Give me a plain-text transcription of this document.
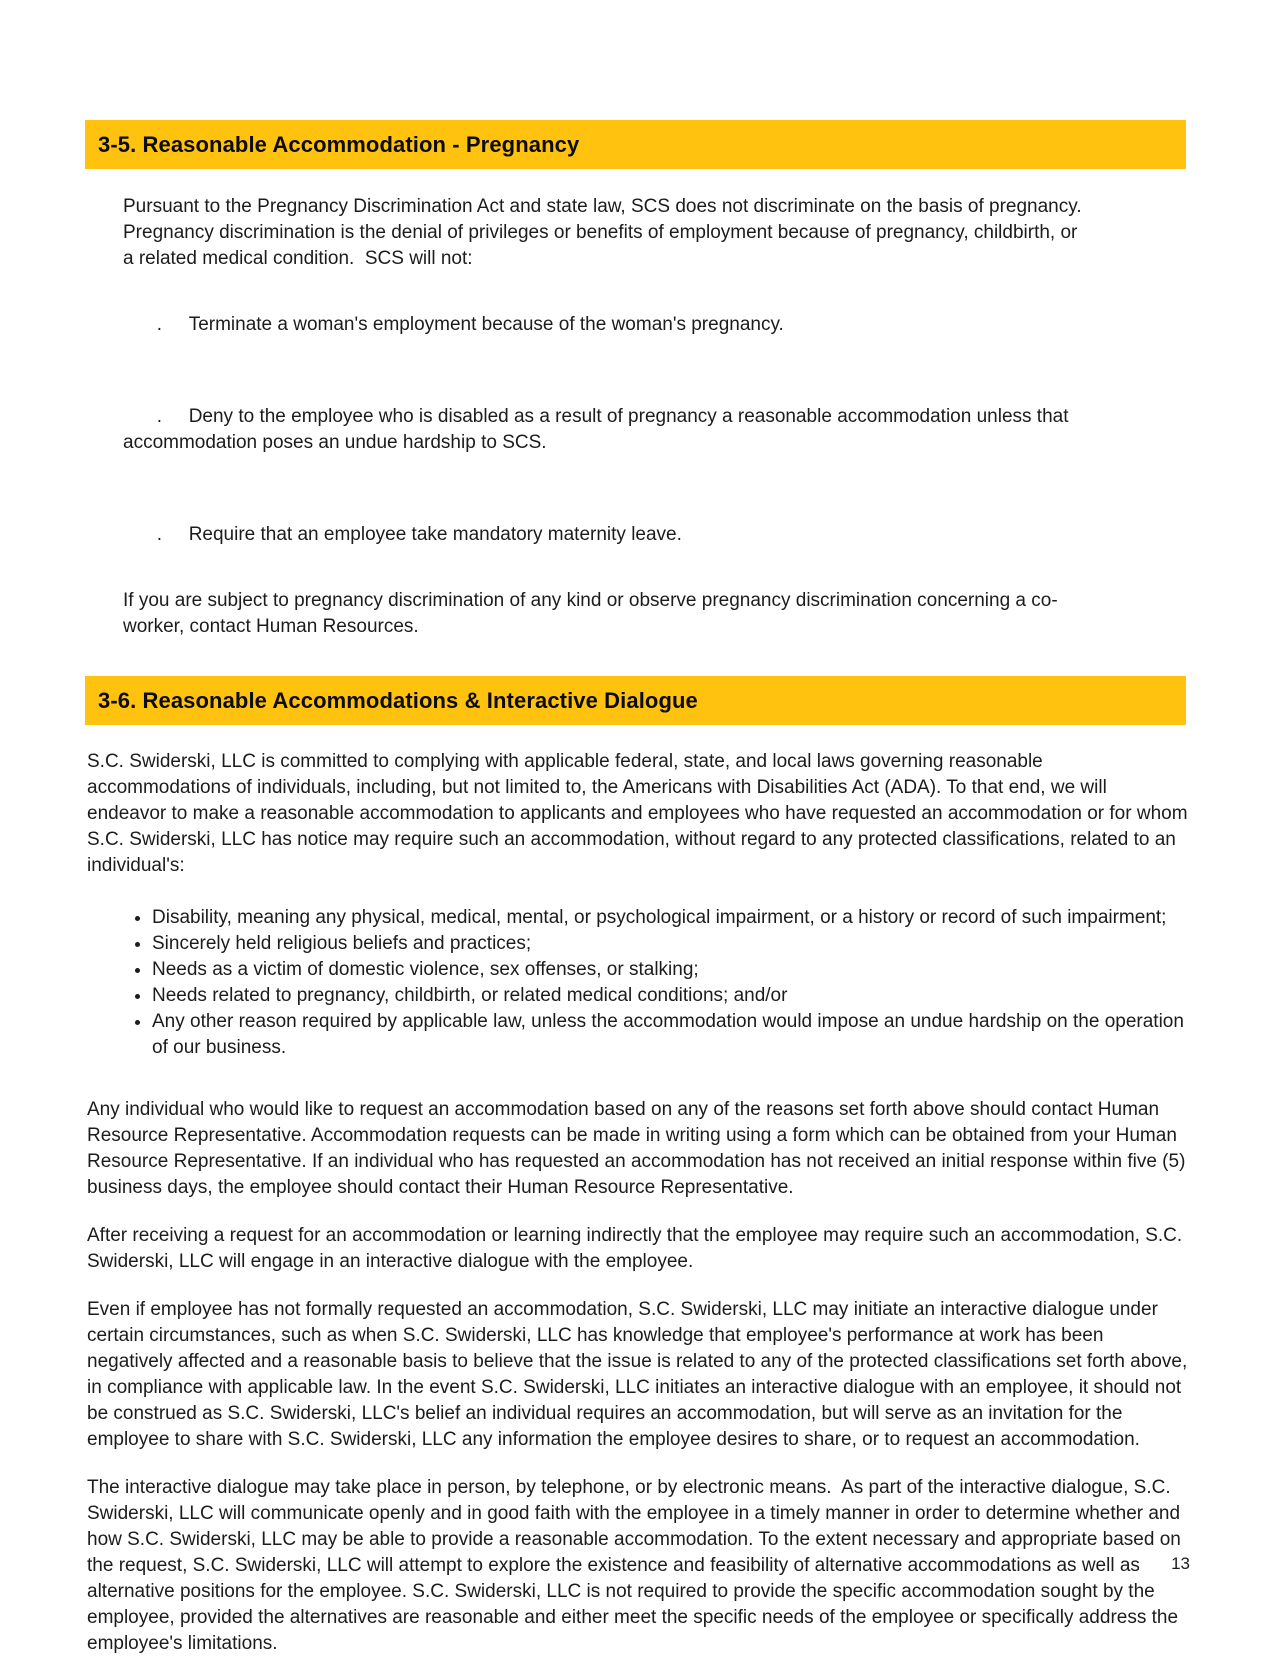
3-5. Reasonable Accommodation - Pregnancy

Pursuant to the Pregnancy Discrimination Act and state law, SCS does not discriminate on the basis of pregnancy.  Pregnancy discrimination is the denial of privileges or benefits of employment because of pregnancy, childbirth, or a related medical condition.  SCS will not:

. Terminate a woman's employment because of the woman's pregnancy.

. Deny to the employee who is disabled as a result of pregnancy a reasonable accommodation unless that accommodation poses an undue hardship to SCS.

. Require that an employee take mandatory maternity leave.

If you are subject to pregnancy discrimination of any kind or observe pregnancy discrimination concerning a co-worker, contact Human Resources.

3-6. Reasonable Accommodations & Interactive Dialogue

S.C. Swiderski, LLC is committed to complying with applicable federal, state, and local laws governing reasonable accommodations of individuals, including, but not limited to, the Americans with Disabilities Act (ADA). To that end, we will endeavor to make a reasonable accommodation to applicants and employees who have requested an accommodation or for whom S.C. Swiderski, LLC has notice may require such an accommodation, without regard to any protected classifications, related to an individual's:

• Disability, meaning any physical, medical, mental, or psychological impairment, or a history or record of such impairment;
• Sincerely held religious beliefs and practices;
• Needs as a victim of domestic violence, sex offenses, or stalking;
• Needs related to pregnancy, childbirth, or related medical conditions; and/or
• Any other reason required by applicable law, unless the accommodation would impose an undue hardship on the operation of our business.

Any individual who would like to request an accommodation based on any of the reasons set forth above should contact Human Resource Representative. Accommodation requests can be made in writing using a form which can be obtained from your Human Resource Representative. If an individual who has requested an accommodation has not received an initial response within five (5) business days, the employee should contact their Human Resource Representative.

After receiving a request for an accommodation or learning indirectly that the employee may require such an accommodation, S.C. Swiderski, LLC will engage in an interactive dialogue with the employee.

Even if employee has not formally requested an accommodation, S.C. Swiderski, LLC may initiate an interactive dialogue under certain circumstances, such as when S.C. Swiderski, LLC has knowledge that employee's performance at work has been negatively affected and a reasonable basis to believe that the issue is related to any of the protected classifications set forth above, in compliance with applicable law. In the event S.C. Swiderski, LLC initiates an interactive dialogue with an employee, it should not be construed as S.C. Swiderski, LLC's belief an individual requires an accommodation, but will serve as an invitation for the employee to share with S.C. Swiderski, LLC any information the employee desires to share, or to request an accommodation.

The interactive dialogue may take place in person, by telephone, or by electronic means.  As part of the interactive dialogue, S.C. Swiderski, LLC will communicate openly and in good faith with the employee in a timely manner in order to determine whether and how S.C. Swiderski, LLC may be able to provide a reasonable accommodation. To the extent necessary and appropriate based on the request, S.C. Swiderski, LLC will attempt to explore the existence and feasibility of alternative accommodations as well as alternative positions for the employee. S.C. Swiderski, LLC is not required to provide the specific accommodation sought by the employee, provided the alternatives are reasonable and either meet the specific needs of the employee or specifically address the employee's limitations.

13
